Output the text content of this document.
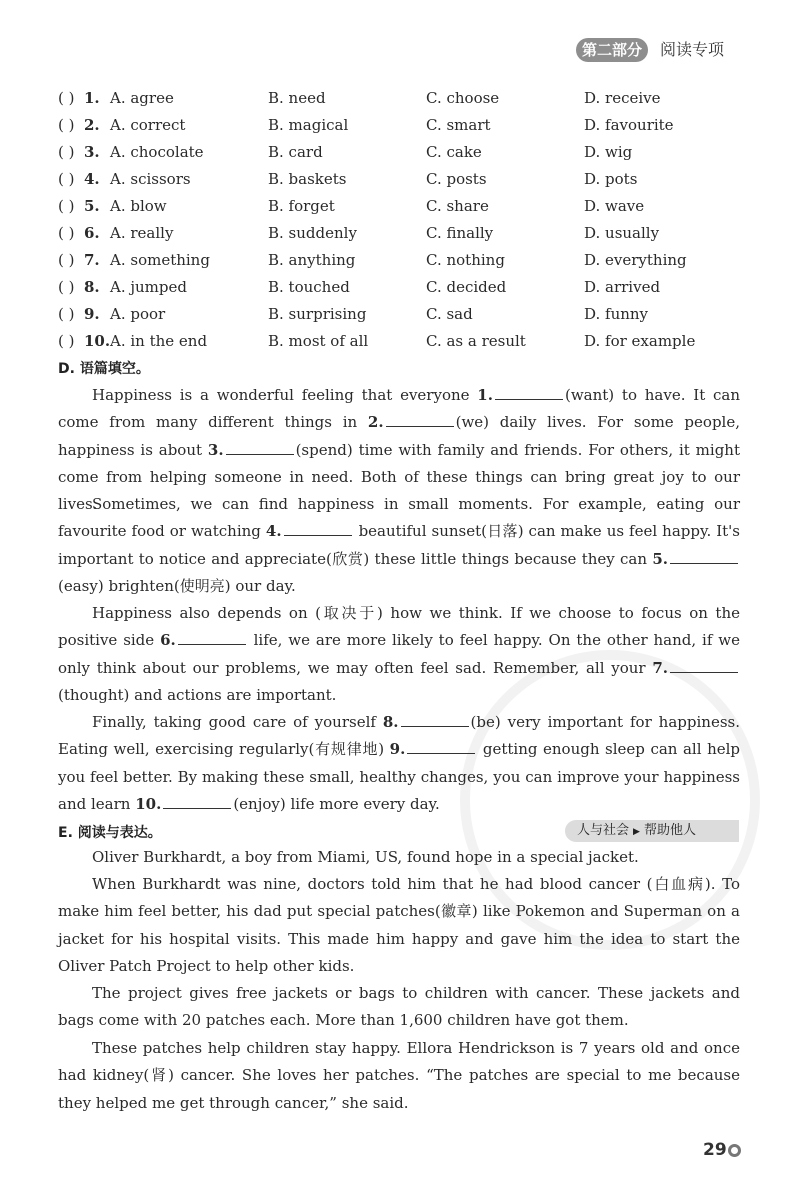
第二部分	阅读专项
( ) 1. A. agree	B. need	C. choose	D. receive
( ) 2. A. correct	B. magical	C. smart	D. favourite
( ) 3. A. chocolate	B. card	C. cake	D. wig
( ) 4. A. scissors	B. baskets	C. posts	D. pots
( ) 5. A. blow	B. forget	C. share	D. wave
( ) 6. A. really	B. suddenly	C. finally	D. usually
( ) 7. A. something	B. anything	C. nothing	D. everything
( ) 8. A. jumped	B. touched	C. decided	D. arrived
( ) 9. A. poor	B. surprising	C. sad	D. funny
( ) 10. A. in the end	B. most of all	C. as a result	D. for example
D. 语篇填空。

Happiness is a wonderful feeling that everyone 1.	(want) to have. It can come from many different things in 2.	(we) daily lives. For some people, happiness is about 3.	(spend) time with family and friends. For others, it might come from helping someone in need. Both of these things can bring great joy to our lives.

Sometimes, we can find happiness in small moments. For example, eating our favourite food or watching 4.	beautiful sunset(日落) can make us feel happy. It's important to notice and appreciate(欣赏) these little things because they can 5. (easy) brighten(使明亮) our day.

Happiness also depends on (取决于) how we think. If we choose to focus on the positive side 6.	life, we are more likely to feel happy. On the other hand, if we only think about our problems, we may often feel sad. Remember, all your 7. (thought) and actions are important.

Finally, taking good care of yourself 8.	(be) very important for happiness. Eating well, exercising regularly(有规律地) 9.	getting enough sleep can all help you feel better. By making these small, healthy changes, you can improve your happiness and learn 10.	(enjoy) life more every day.

E. 阅读与表达。	人与社会 ▶ 帮助他人

Oliver Burkhardt, a boy from Miami, US, found hope in a special jacket.

When Burkhardt was nine, doctors told him that he had blood cancer (白血病). To make him feel better, his dad put special patches(徽章) like Pokemon and Superman on a jacket for his hospital visits. This made him happy and gave him the idea to start the Oliver Patch Project to help other kids.

The project gives free jackets or bags to children with cancer. These jackets and bags come with 20 patches each. More than 1,600 children have got them.

These patches help children stay happy. Ellora Hendrickson is 7 years old and once had kidney(肾) cancer. She loves her patches. “The patches are special to me because they helped me get through cancer,” she said.

29
